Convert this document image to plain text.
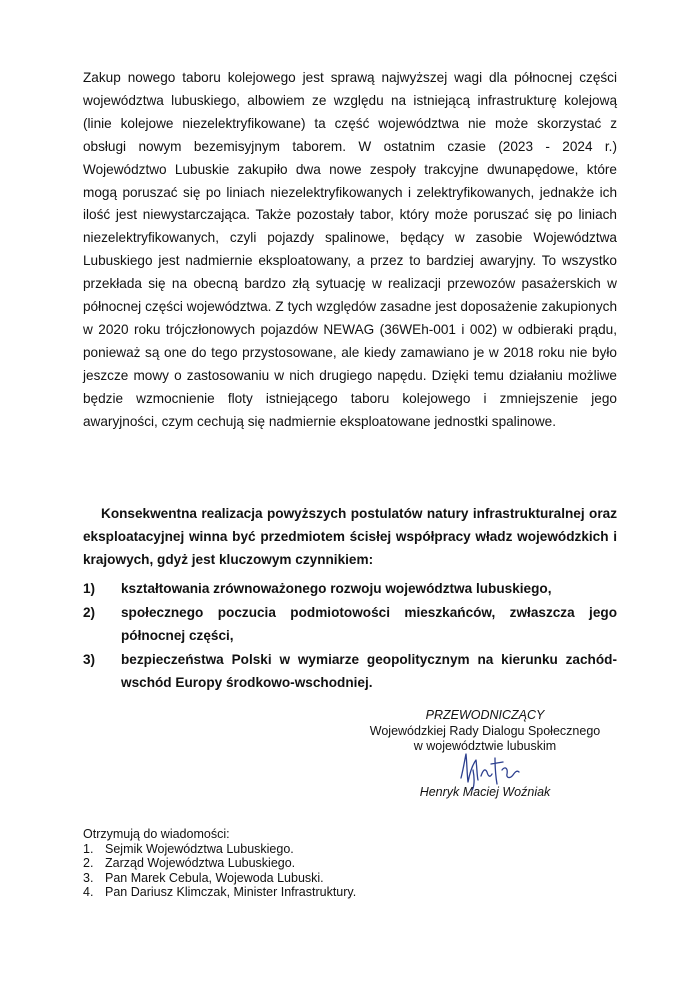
Zakup nowego taboru kolejowego jest sprawą najwyższej wagi dla północnej części województwa lubuskiego, albowiem ze względu na istniejącą infrastrukturę kolejową (linie kolejowe niezelektryfikowane) ta część województwa nie może skorzystać z obsługi nowym bezemisyjnym taborem. W ostatnim czasie (2023 - 2024 r.) Województwo Lubuskie zakupiło dwa nowe zespoły trakcyjne dwunapędowe, które mogą poruszać się po liniach niezelektryfikowanych i zelektryfikowanych, jednakże ich ilość jest niewystarczająca. Także pozostały tabor, który może poruszać się po liniach niezelektryfikowanych, czyli pojazdy spalinowe, będący w zasobie Województwa Lubuskiego jest nadmiernie eksploatowany, a przez to bardziej awaryjny. To wszystko przekłada się na obecną bardzo złą sytuację w realizacji przewozów pasażerskich w północnej części województwa. Z tych względów zasadne jest doposażenie zakupionych w 2020 roku trójczłonowych pojazdów NEWAG (36WEh-001 i 002) w odbieraki prądu, ponieważ są one do tego przystosowane, ale kiedy zamawiano je w 2018 roku nie było jeszcze mowy o zastosowaniu w nich drugiego napędu. Dzięki temu działaniu możliwe będzie wzmocnienie floty istniejącego taboru kolejowego i zmniejszenie jego awaryjności, czym cechują się nadmiernie eksploatowane jednostki spalinowe.

Konsekwentna realizacja powyższych postulatów natury infrastrukturalnej oraz eksploatacyjnej winna być przedmiotem ścisłej współpracy władz wojewódzkich i krajowych, gdyż jest kluczowym czynnikiem:

1) kształtowania zrównoważonego rozwoju województwa lubuskiego,
2) społecznego poczucia podmiotowości mieszkańców, zwłaszcza jego północnej części,
3) bezpieczeństwa Polski w wymiarze geopolitycznym na kierunku zachód-wschód Europy środkowo-wschodniej.
PRZEWODNICZĄCY
Wojewódzkiej Rady Dialogu Społecznego
w województwie lubuskim
Henryk Maciej Woźniak
Otrzymują do wiadomości:
1. Sejmik Województwa Lubuskiego.
2. Zarząd Województwa Lubuskiego.
3. Pan Marek Cebula, Wojewoda Lubuski.
4. Pan Dariusz Klimczak, Minister Infrastruktury.
